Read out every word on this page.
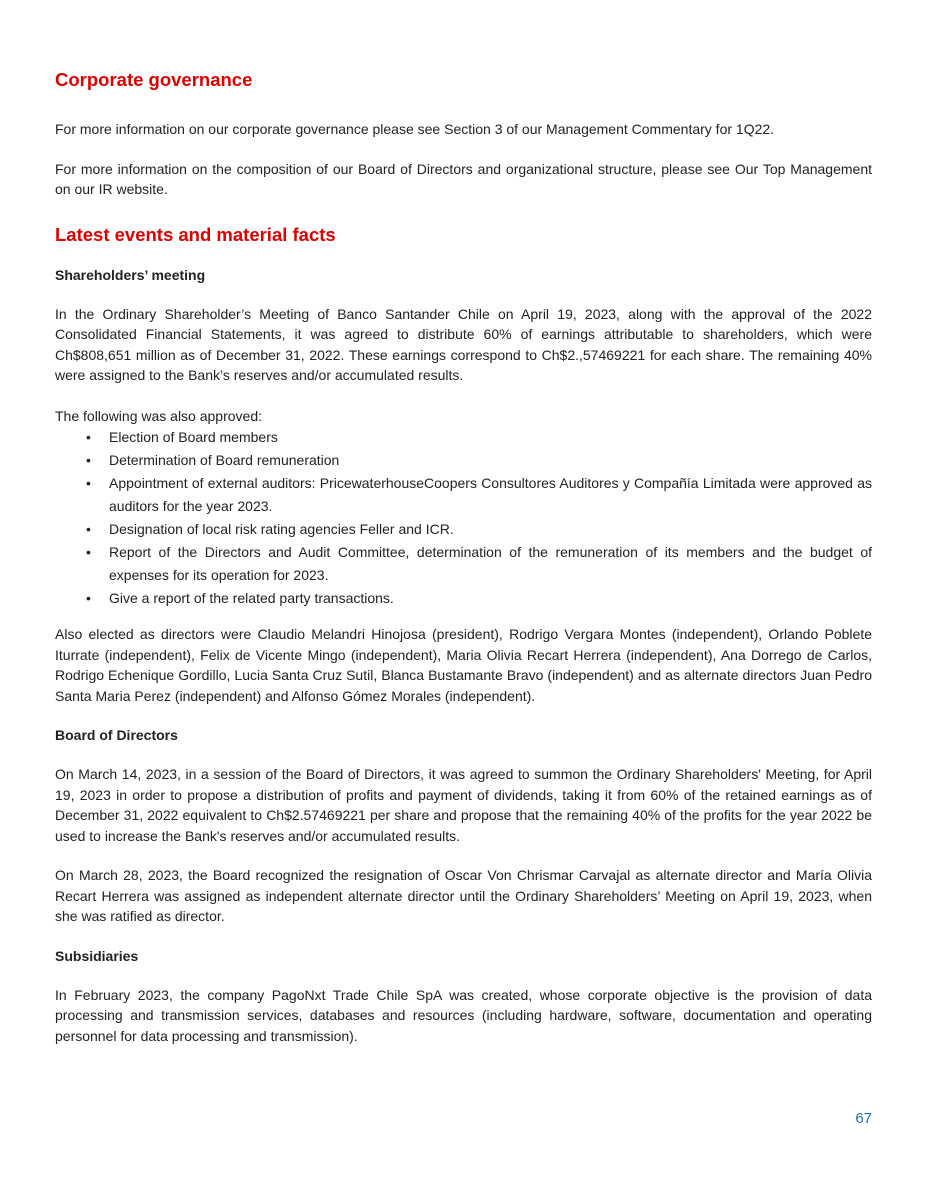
Corporate governance

For more information on our corporate governance please see Section 3 of our Management Commentary for 1Q22.

For more information on the composition of our Board of Directors and organizational structure, please see Our Top Management on our IR website.

Latest events and material facts
Shareholders’ meeting

In the Ordinary Shareholder’s Meeting of Banco Santander Chile on April 19, 2023, along with the approval of the 2022 Consolidated Financial Statements, it was agreed to distribute 60% of earnings attributable to shareholders, which were Ch$808,651 million as of December 31, 2022. These earnings correspond to Ch$2.,57469221 for each share. The remaining 40% were assigned to the Bank’s reserves and/or accumulated results.

The following was also approved:

• Election of Board members
• Determination of Board remuneration
• Appointment of external auditors: PricewaterhouseCoopers Consultores Auditores y Compañía Limitada were approved as auditors for the year 2023.
• Designation of local risk rating agencies Feller and ICR.
• Report of the Directors and Audit Committee, determination of the remuneration of its members and the budget of expenses for its operation for 2023.
• Give a report of the related party transactions.

Also elected as directors were Claudio Melandri Hinojosa (president), Rodrigo Vergara Montes (independent), Orlando Poblete Iturrate (independent), Felix de Vicente Mingo (independent), Maria Olivia Recart Herrera (independent), Ana Dorrego de Carlos, Rodrigo Echenique Gordillo, Lucia Santa Cruz Sutil, Blanca Bustamante Bravo (independent) and as alternate directors Juan Pedro Santa Maria Perez (independent) and Alfonso Gómez Morales (independent).

Board of Directors

On March 14, 2023, in a session of the Board of Directors, it was agreed to summon the Ordinary Shareholders' Meeting, for April 19, 2023 in order to propose a distribution of profits and payment of dividends, taking it from 60% of the retained earnings as of December 31, 2022 equivalent to Ch$2.57469221 per share and propose that the remaining 40% of the profits for the year 2022 be used to increase the Bank's reserves and/or accumulated results.

On March 28, 2023, the Board recognized the resignation of Oscar Von Chrismar Carvajal as alternate director and María Olivia Recart Herrera was assigned as independent alternate director until the Ordinary Shareholders’ Meeting on April 19, 2023, when she was ratified as director.

Subsidiaries

In February 2023, the company PagoNxt Trade Chile SpA was created, whose corporate objective is the provision of data processing and transmission services, databases and resources (including hardware, software, documentation and operating personnel for data processing and transmission).

67
